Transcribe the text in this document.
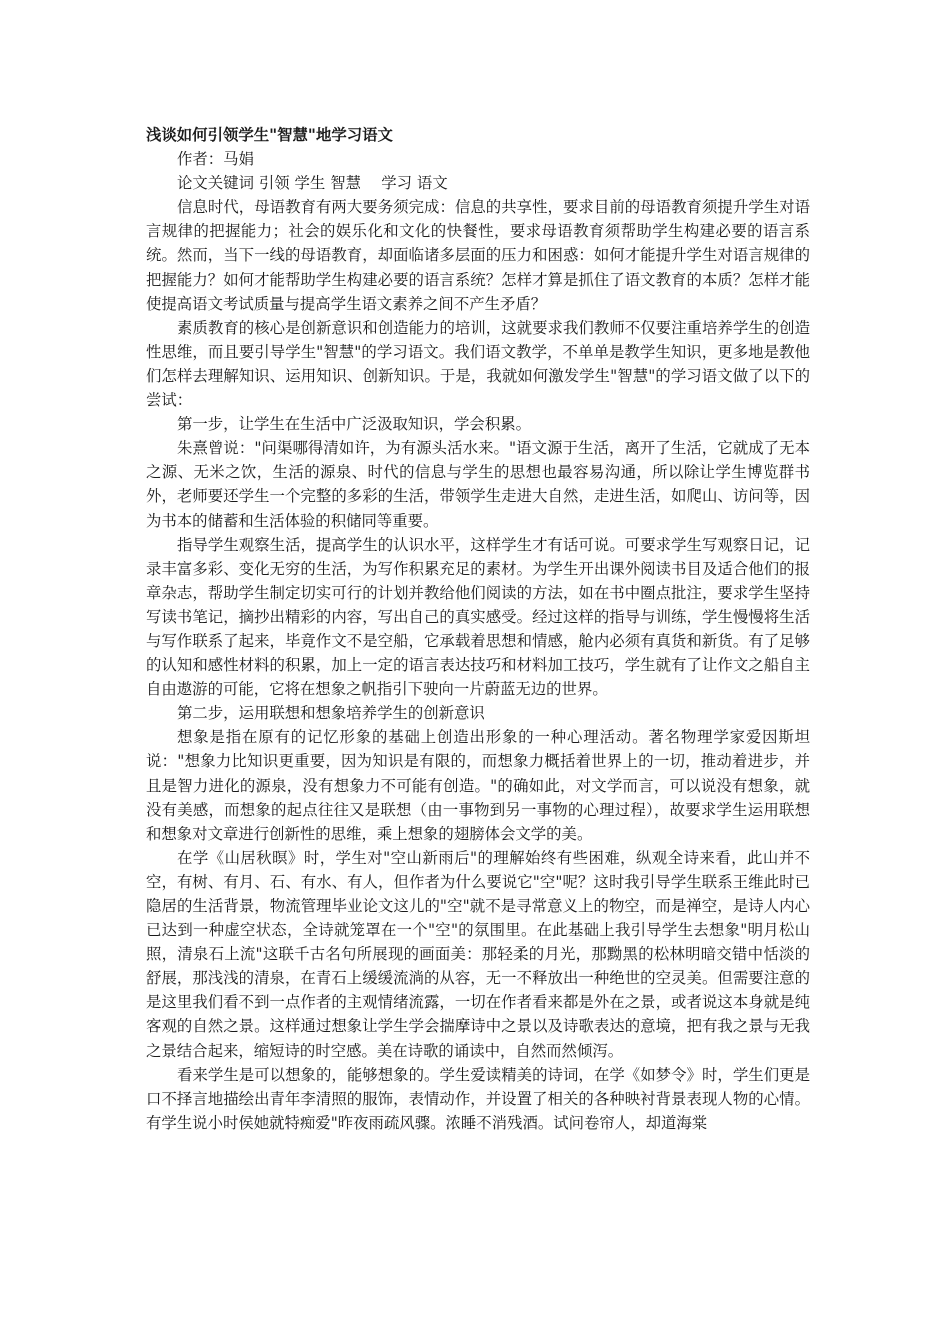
浅谈如何引领学生"智慧"地学习语文

作者：马娟

论文关键词 引领 学生 智慧　 学习 语文

信息时代，母语教育有两大要务须完成：信息的共享性，要求目前的母语教育须提升学生对语言规律的把握能力；社会的娱乐化和文化的快餐性，要求母语教育须帮助学生构建必要的语言系统。然而，当下一线的母语教育，却面临诸多层面的压力和困惑：如何才能提升学生对语言规律的把握能力？如何才能帮助学生构建必要的语言系统？怎样才算是抓住了语文教育的本质？怎样才能使提高语文考试质量与提高学生语文素养之间不产生矛盾？

素质教育的核心是创新意识和创造能力的培训，这就要求我们教师不仅要注重培养学生的创造性思维，而且要引导学生"智慧"的学习语文。我们语文教学，不单单是教学生知识，更多地是教他们怎样去理解知识、运用知识、创新知识。于是，我就如何激发学生"智慧"的学习语文做了以下的尝试：

第一步，让学生在生活中广泛汲取知识，学会积累。

朱熹曾说："问渠哪得清如许，为有源头活水来。"语文源于生活，离开了生活，它就成了无本之源、无米之饮，生活的源泉、时代的信息与学生的思想也最容易沟通，所以除让学生博览群书外，老师要还学生一个完整的多彩的生活，带领学生走进大自然，走进生活，如爬山、访问等，因为书本的储蓄和生活体验的积储同等重要。

指导学生观察生活，提高学生的认识水平，这样学生才有话可说。可要求学生写观察日记，记录丰富多彩、变化无穷的生活，为写作积累充足的素材。为学生开出课外阅读书目及适合他们的报章杂志，帮助学生制定切实可行的计划并教给他们阅读的方法，如在书中圈点批注，要求学生坚持写读书笔记，摘抄出精彩的内容，写出自己的真实感受。经过这样的指导与训练，学生慢慢将生活与写作联系了起来，毕竟作文不是空船，它承载着思想和情感，舱内必须有真货和新货。有了足够的认知和感性材料的积累，加上一定的语言表达技巧和材料加工技巧，学生就有了让作文之船自主自由遨游的可能，它将在想象之帆指引下驶向一片蔚蓝无边的世界。

第二步，运用联想和想象培养学生的创新意识

想象是指在原有的记忆形象的基础上创造出形象的一种心理活动。著名物理学家爱因斯坦说："想象力比知识更重要，因为知识是有限的，而想象力概括着世界上的一切，推动着进步，并且是智力进化的源泉，没有想象力不可能有创造。"的确如此，对文学而言，可以说没有想象，就没有美感，而想象的起点往往又是联想（由一事物到另一事物的心理过程），故要求学生运用联想和想象对文章进行创新性的思维，乘上想象的翅膀体会文学的美。

在学《山居秋暝》时，学生对"空山新雨后"的理解始终有些困难，纵观全诗来看，此山并不空，有树、有月、石、有水、有人，但作者为什么要说它"空"呢？这时我引导学生联系王维此时已隐居的生活背景，物流管理毕业论文这儿的"空"就不是寻常意义上的物空，而是禅空，是诗人内心已达到一种虚空状态，全诗就笼罩在一个"空"的氛围里。在此基础上我引导学生去想象"明月松山照，清泉石上流"这联千古名句所展现的画面美：那轻柔的月光，那黝黑的松林明暗交错中恬淡的舒展，那浅浅的清泉，在青石上缓缓流淌的从容，无一不释放出一种绝世的空灵美。但需要注意的是这里我们看不到一点作者的主观情绪流露，一切在作者看来都是外在之景，或者说这本身就是纯客观的自然之景。这样通过想象让学生学会揣摩诗中之景以及诗歌表达的意境，把有我之景与无我之景结合起来，缩短诗的时空感。美在诗歌的诵读中，自然而然倾泻。

看来学生是可以想象的，能够想象的。学生爱读精美的诗词，在学《如梦令》时，学生们更是口不择言地描绘出青年李清照的服饰，表情动作，并设置了相关的各种映衬背景表现人物的心情。有学生说小时侯她就特痴爱"昨夜雨疏风骤。浓睡不消残酒。试问卷帘人，却道海棠
